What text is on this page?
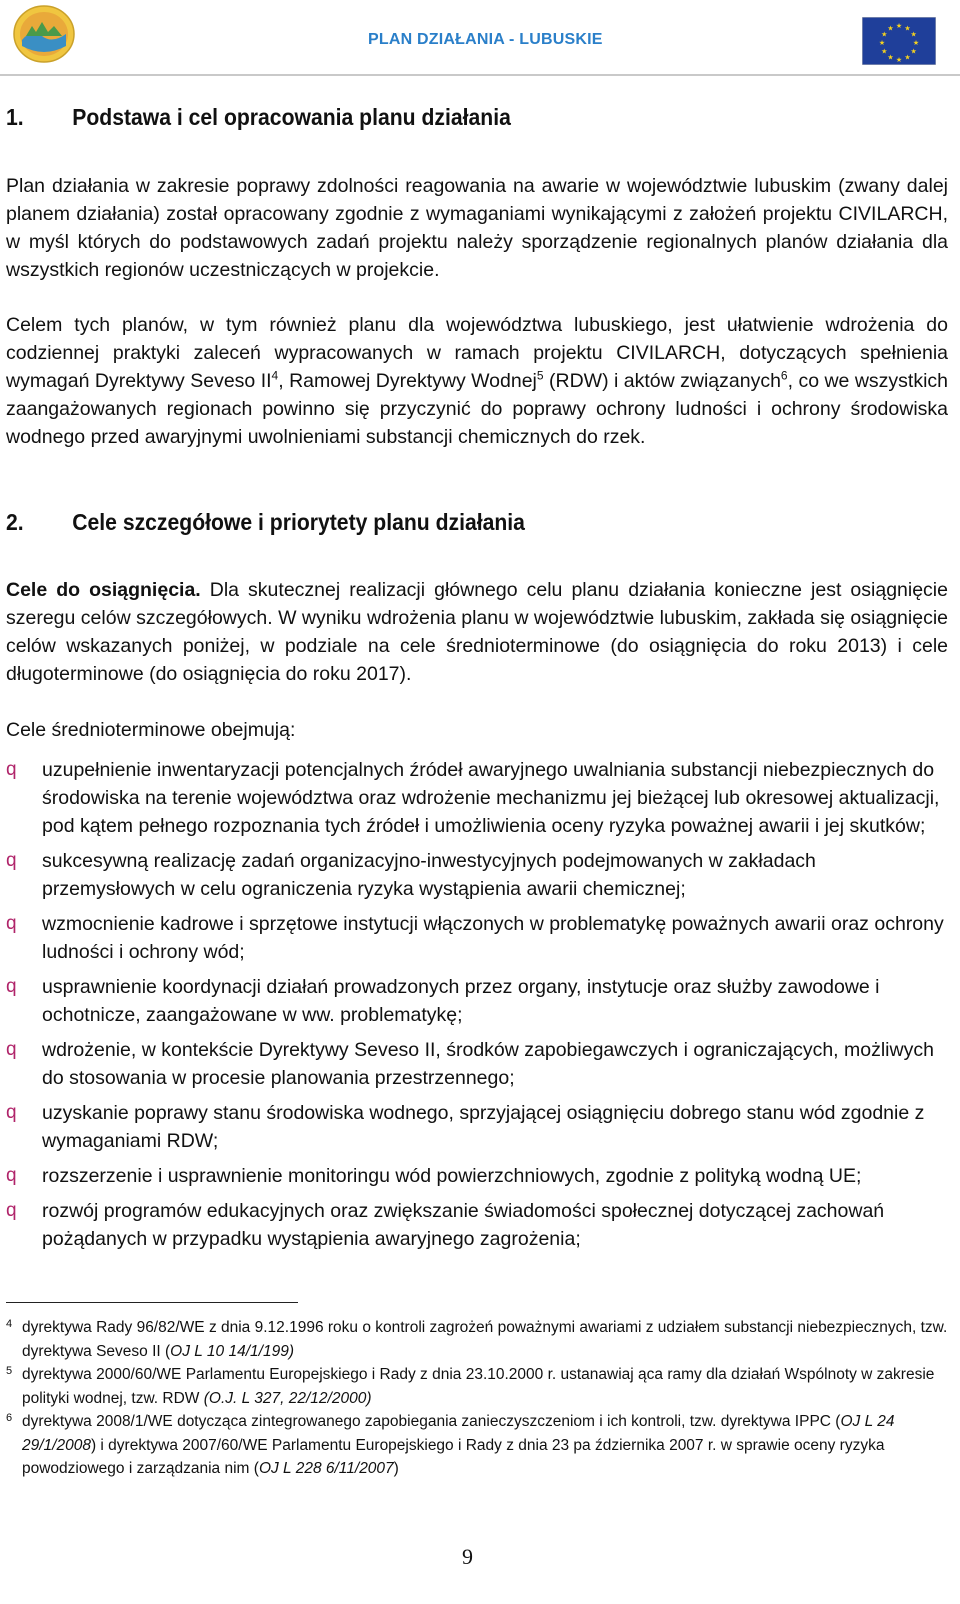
PLAN DZIAŁANIA - LUBUSKIE
★ ★
★
★
★
★
★
★
★
★
★
★
1. Podstawa i cel opracowania planu działania

Plan działania w zakresie poprawy zdolności reagowania na awarie w województwie lubuskim (zwany dalej planem działania) został opracowany zgodnie z wymaganiami wynikającymi z założeń projektu CIVILARCH, w myśl których do podstawowych zadań projektu należy sporządzenie regionalnych planów działania dla wszystkich regionów uczestniczących w projekcie.

Celem tych planów, w tym również planu dla województwa lubuskiego, jest ułatwienie wdrożenia do codziennej praktyki zaleceń wypracowanych w ramach projektu CIVILARCH, dotyczących spełnienia wymagań Dyrektywy Seveso $II^4$, Ramowej Dyrektywy Wodnej$^5$ (RDW) i aktów związanych$^6$, co we wszystkich zaangażowanych regionach powinno się przyczynić do poprawy ochrony ludności i ochrony środowiska wodnego przed awaryjnymi uwolnieniami substancji chemicznych do rzek.

2. Cele szczegółowe i priorytety planu działania

Cele do osiągnięcia. Dla skutecznej realizacji głównego celu planu działania konieczne jest osiągnięcie szeregu celów szczegółowych. W wyniku wdrożenia planu w województwie lubuskim, zakłada się osiągnięcie celów wskazanych poniżej, w podziale na cele średnioterminowe (do osiągnięcia do roku 2013) i cele długoterminowe (do osiągnięcia do roku 2017).

Cele średnioterminowe obejmują:

q uzupełnienie inwentaryzacji potencjalnych źródeł awaryjnego uwalniania substancji niebezpiecznych do środowiska na terenie województwa oraz wdrożenie mechanizmu jej bieżącej lub okresowej aktualizacji, pod kątem pełnego rozpoznania tych źródeł i umożliwienia oceny ryzyka poważnej awarii i jej skutków;
q sukcesywną realizację zadań organizacyjno-inwestycyjnych podejmowanych w zakładach przemysłowych w celu ograniczenia ryzyka wystąpienia awarii chemicznej;
q wzmocnienie kadrowe i sprzętowe instytucji włączonych w problematykę poważnych awarii oraz ochrony ludności i ochrony wód;
q usprawnienie koordynacji działań prowadzonych przez organy, instytucje oraz służby zawodowe i ochotnicze, zaangażowane w ww. problematykę;
q wdrożenie, w kontekście Dyrektywy Seveso II, środków zapobiegawczych i ograniczających, możliwych do stosowania w procesie planowania przestrzennego;
q uzyskanie poprawy stanu środowiska wodnego, sprzyjającej osiągnięciu dobrego stanu wód zgodnie z wymaganiami RDW;
q rozszerzenie i usprawnienie monitoringu wód powierzchniowych, zgodnie z polityką wodną UE;
q rozwój programów edukacyjnych oraz zwiększanie świadomości społecznej dotyczącej zachowań pożądanych w przypadku wystąpienia awaryjnego zagrożenia;

4 dyrektywa Rady 96/82/WE z dnia 9.12.1996 roku o kontroli zagrożeń poważnymi awariami z udziałem substancji niebezpiecznych, tzw. dyrektywa Seveso II (OJ L 10 14/1/199)

5 dyrektywa 2000/60/WE Parlamentu Europejskiego i Rady z dnia 23.10.2000 r. ustanawiaj ąca ramy dla działań Wspólnoty w zakresie polityki wodnej, tzw. RDW (O.J. L 327, 22/12/2000)

6 dyrektywa 2008/1/WE dotycząca zintegrowanego zapobiegania zanieczyszczeniom i ich kontroli, tzw. dyrektywa IPPC (OJ L 24 29/1/2008) i dyrektywa 2007/60/WE Parlamentu Europejskiego i Rady z dnia 23 pa ździernika 2007 r. w sprawie oceny ryzyka powodziowego i zarządzania nim (OJ L 228 6/11/2007)

9
